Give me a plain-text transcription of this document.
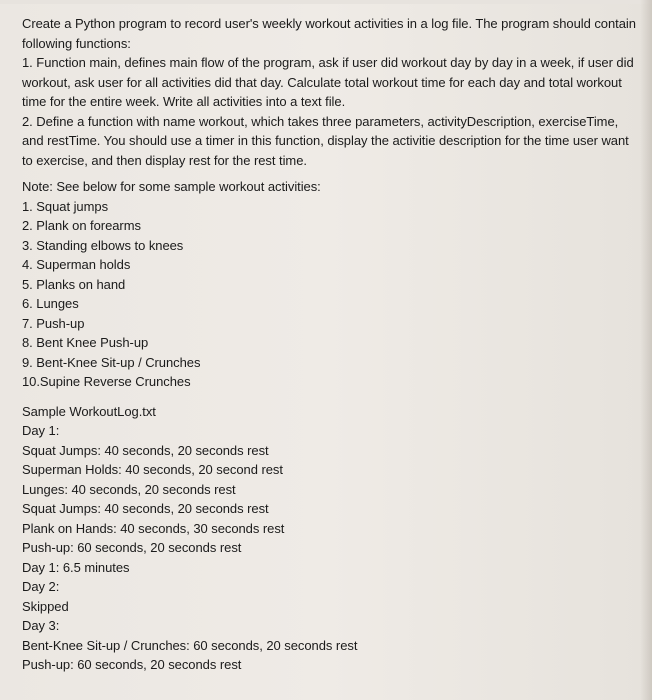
Create a Python program to record user's weekly workout activities in a log file. The program should contain
following functions:
1. Function main, defines main flow of the program, ask if user did workout day by day in a week, if user did
workout, ask user for all activities did that day. Calculate total workout time for each day and total workout
time for the entire week. Write all activities into a text file.
2. Define a function with name workout, which takes three parameters, activityDescription, exerciseTime,
and restTime. You should use a timer in this function, display the activitie description for the time user want
to exercise, and then display rest for the rest time.
Note: See below for some sample workout activities:
1. Squat jumps
2. Plank on forearms
3. Standing elbows to knees
4. Superman holds
5. Planks on hand
6. Lunges
7. Push-up
8. Bent Knee Push-up
9. Bent-Knee Sit-up / Crunches
10.Supine Reverse Crunches
Sample WorkoutLog.txt
Day 1:
Squat Jumps: 40 seconds, 20 seconds rest
Superman Holds: 40 seconds, 20 second rest
Lunges: 40 seconds, 20 seconds rest
Squat Jumps: 40 seconds, 20 seconds rest
Plank on Hands: 40 seconds, 30 seconds rest
Push-up: 60 seconds, 20 seconds rest
Day 1: 6.5 minutes
Day 2:
Skipped
Day 3:
Bent-Knee Sit-up / Crunches: 60 seconds, 20 seconds rest
Push-up: 60 seconds, 20 seconds rest
